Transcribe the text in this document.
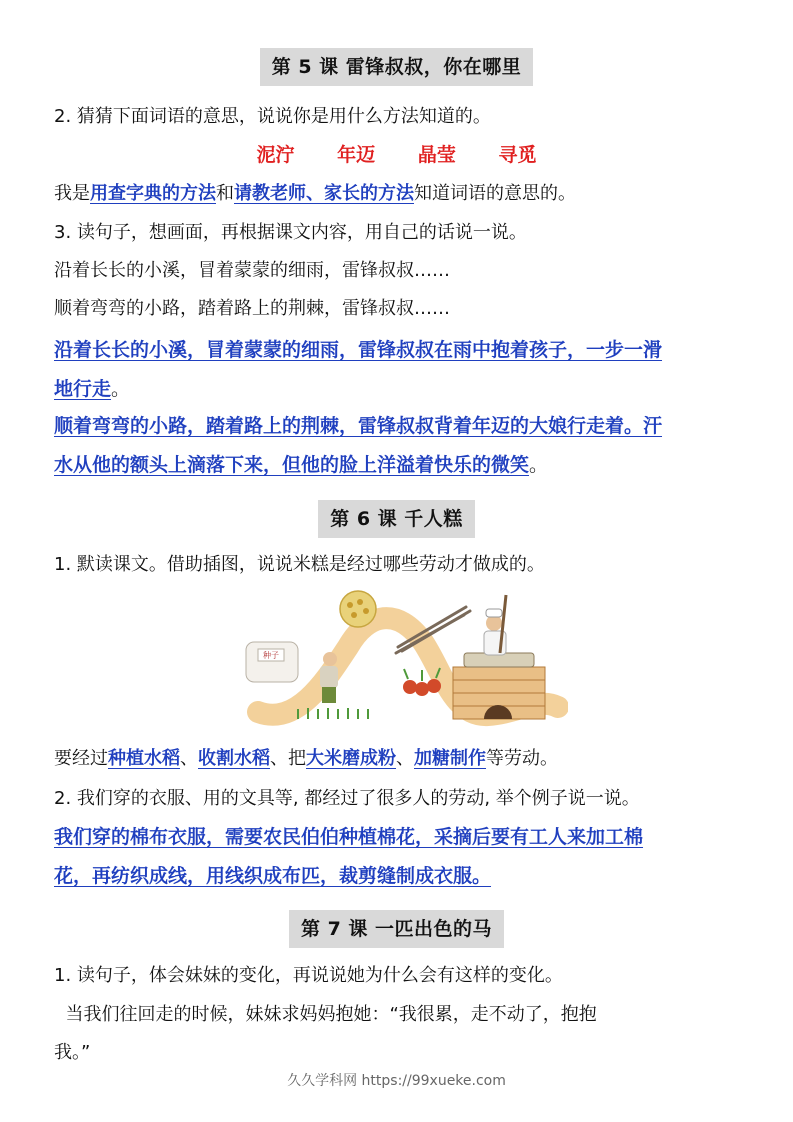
第 5 课 雷锋叔叔，你在哪里
2. 猜猜下面词语的意思，说说你是用什么方法知道的。
泥泞 年迈 晶莹 寻觅
我是用查字典的方法和请教老师、家长的方法知道词语的意思的。
3. 读句子，想画面，再根据课文内容，用自己的话说一说。
沿着长长的小溪，冒着蒙蒙的细雨，雷锋叔叔……
顺着弯弯的小路，踏着路上的荆棘，雷锋叔叔……
沿着长长的小溪，冒着蒙蒙的细雨，雷锋叔叔在雨中抱着孩子，一步一滑
地行走。
顺着弯弯的小路，踏着路上的荆棘，雷锋叔叔背着年迈的大娘行走着。汗
水从他的额头上滴落下来，但他的脸上洋溢着快乐的微笑。
第 6 课 千人糕
1. 默读课文。借助插图，说说米糕是经过哪些劳动才做成的。
种子
要经过种植水稻、收割水稻、把大米磨成粉、加糖制作等劳动。
2. 我们穿的衣服、用的文具等, 都经过了很多人的劳动, 举个例子说一说。
我们穿的棉布衣服，需要农民伯伯种植棉花，采摘后要有工人来加工棉
花，再纺织成线，用线织成布匹，裁剪缝制成衣服。
第 7 课 一匹出色的马
1. 读句子，体会妹妹的变化，再说说她为什么会有这样的变化。
当我们往回走的时候，妹妹求妈妈抱她：“我很累，走不动了，抱抱
我。”
久久学科网 https://99xueke.com
